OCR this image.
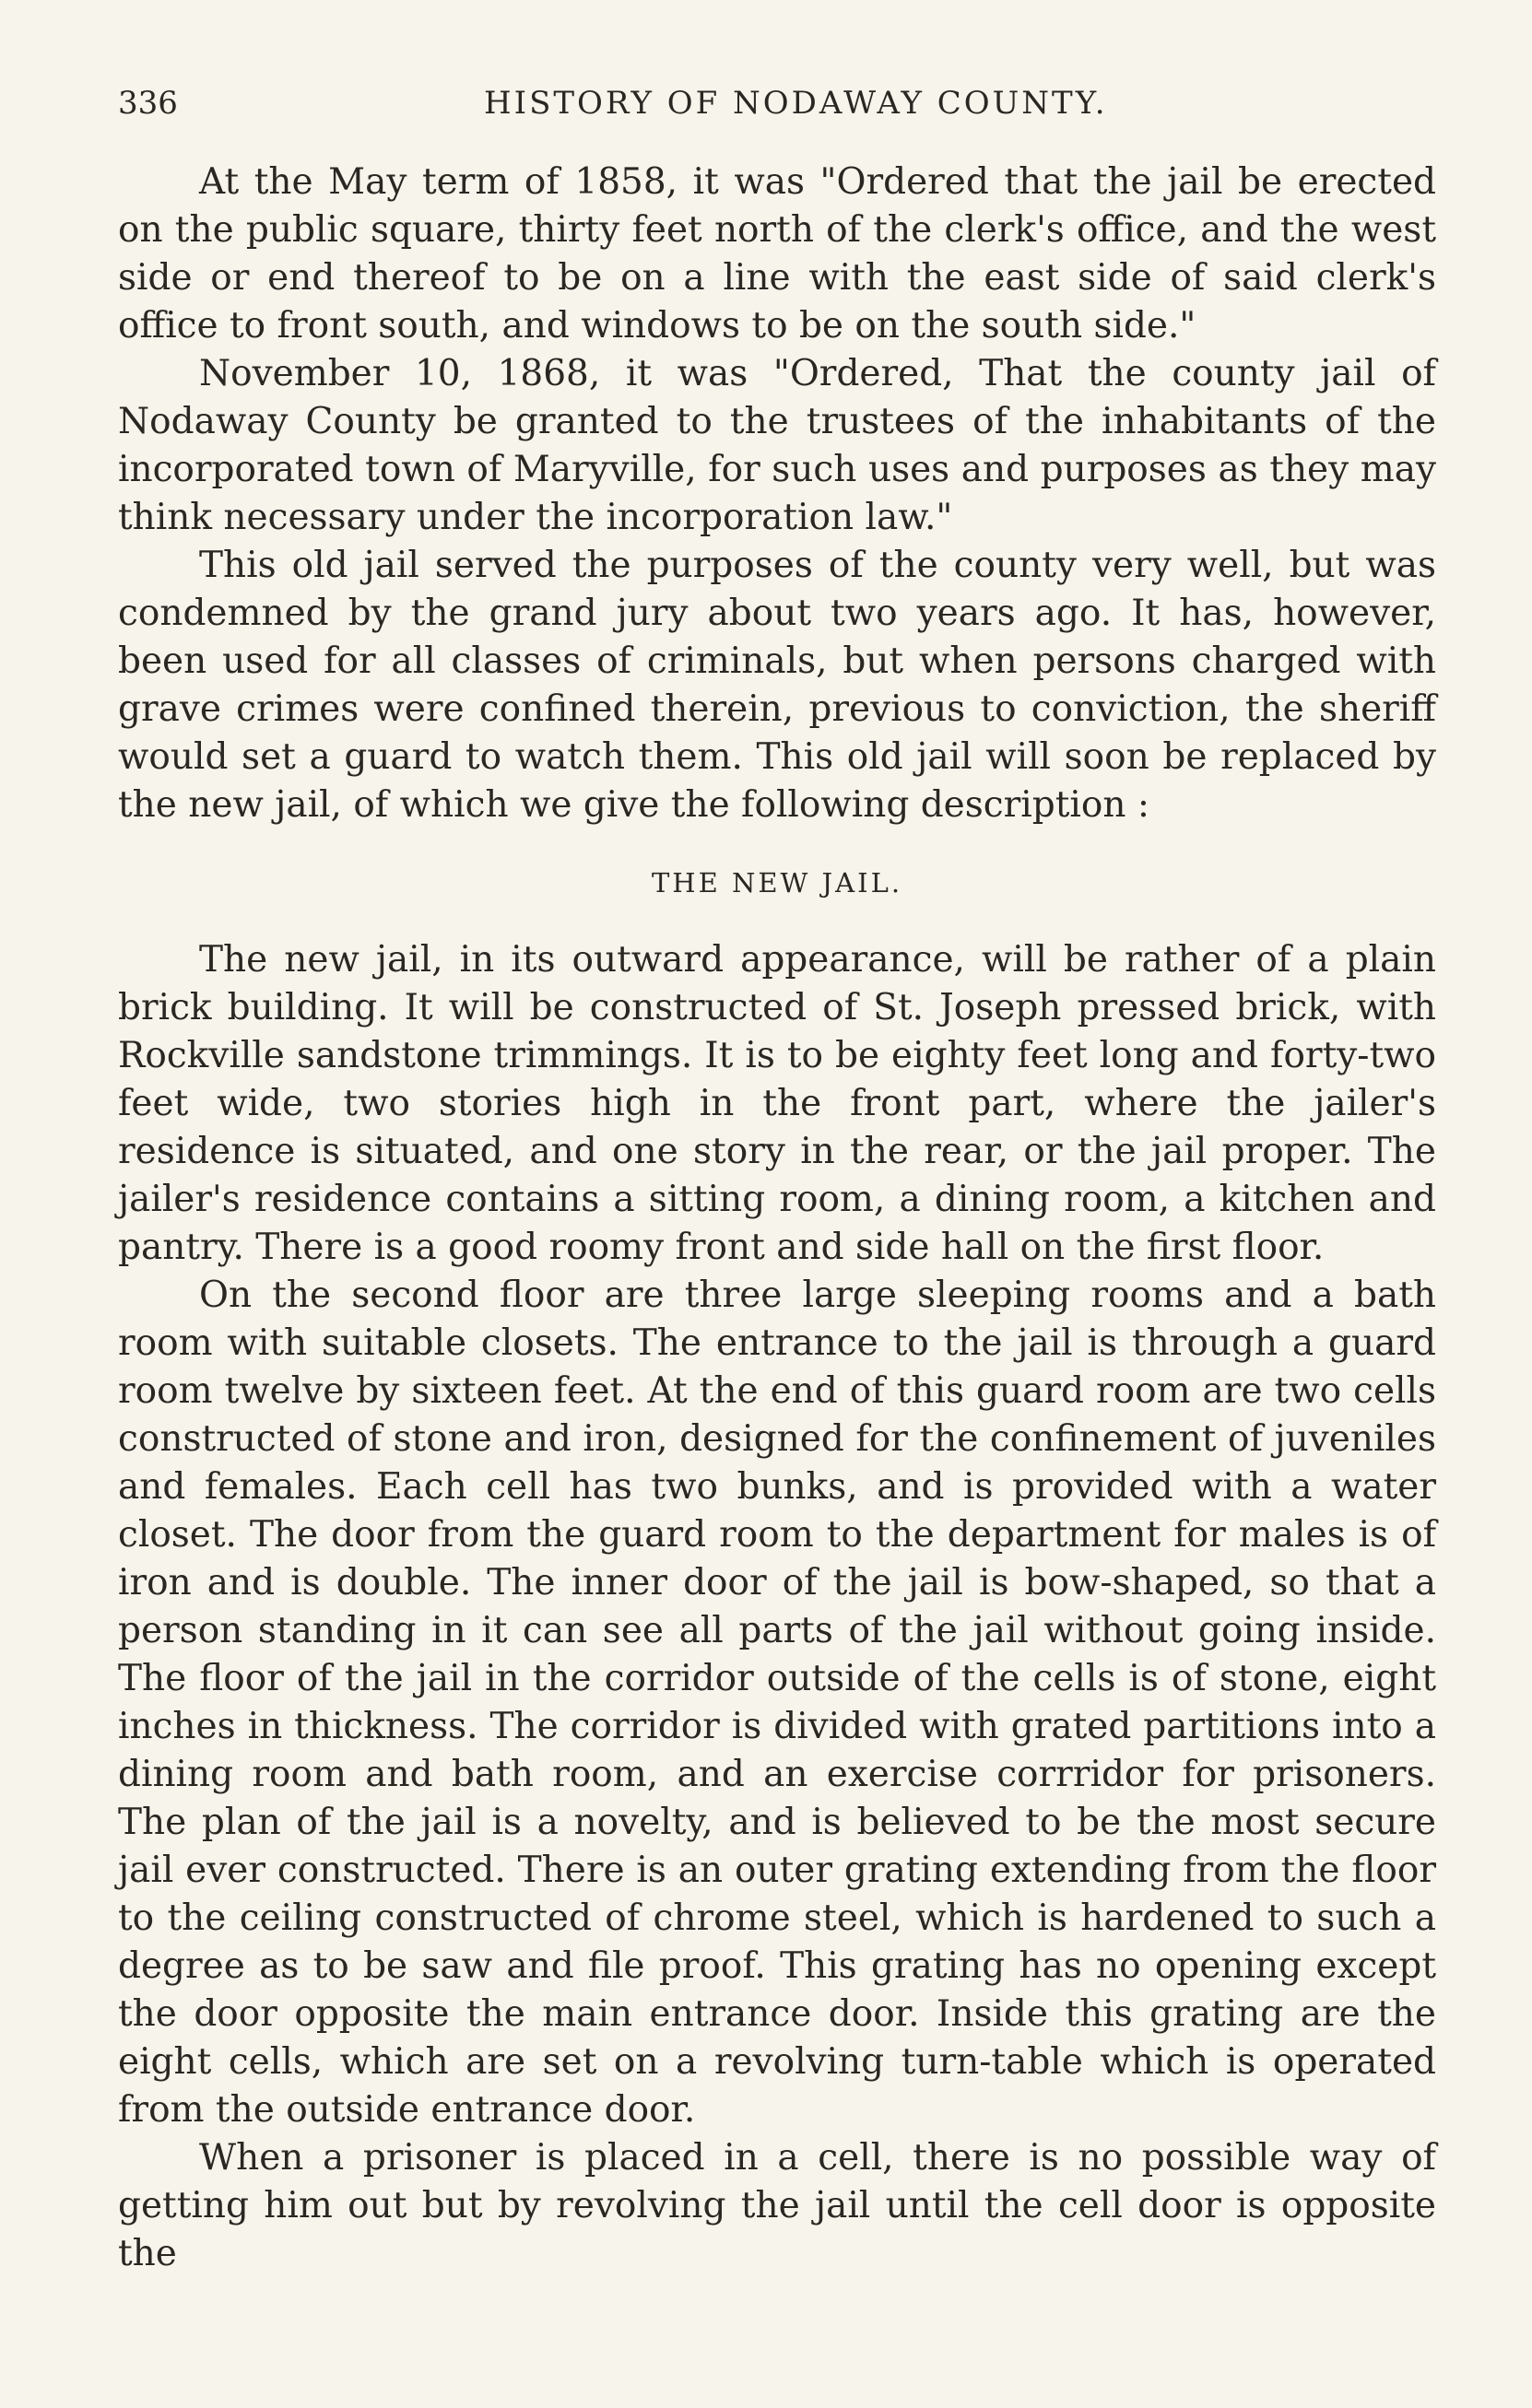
336	HISTORY OF NODAWAY COUNTY.

At the May term of 1858, it was "Ordered that the jail be erected on the public square, thirty feet north of the clerk's office, and the west side or end thereof to be on a line with the east side of said clerk's office to front south, and windows to be on the south side."

November 10, 1868, it was "Ordered, That the county jail of Nodaway County be granted to the trustees of the inhabitants of the incorporated town of Maryville, for such uses and purposes as they may think necessary under the incorporation law."

This old jail served the purposes of the county very well, but was condemned by the grand jury about two years ago. It has, however, been used for all classes of criminals, but when persons charged with grave crimes were confined therein, previous to conviction, the sheriff would set a guard to watch them. This old jail will soon be replaced by the new jail, of which we give the following description :

THE NEW JAIL.

The new jail, in its outward appearance, will be rather of a plain brick building. It will be constructed of St. Joseph pressed brick, with Rockville sandstone trimmings. It is to be eighty feet long and forty-two feet wide, two stories high in the front part, where the jailer's residence is situated, and one story in the rear, or the jail proper. The jailer's residence contains a sitting room, a dining room, a kitchen and pantry. There is a good roomy front and side hall on the first floor.

On the second floor are three large sleeping rooms and a bath room with suitable closets. The entrance to the jail is through a guard room twelve by sixteen feet. At the end of this guard room are two cells constructed of stone and iron, designed for the confinement of juveniles and females. Each cell has two bunks, and is provided with a water closet. The door from the guard room to the department for males is of iron and is double. The inner door of the jail is bow-shaped, so that a person standing in it can see all parts of the jail without going inside. The floor of the jail in the corridor outside of the cells is of stone, eight inches in thickness. The corridor is divided with grated partitions into a dining room and bath room, and an exercise corrridor for prisoners. The plan of the jail is a novelty, and is believed to be the most secure jail ever constructed. There is an outer grating extending from the floor to the ceiling constructed of chrome steel, which is hardened to such a degree as to be saw and file proof. This grating has no opening except the door opposite the main entrance door. Inside this grating are the eight cells, which are set on a revolving turn-table which is operated from the outside entrance door.

When a prisoner is placed in a cell, there is no possible way of getting him out but by revolving the jail until the cell door is opposite the
